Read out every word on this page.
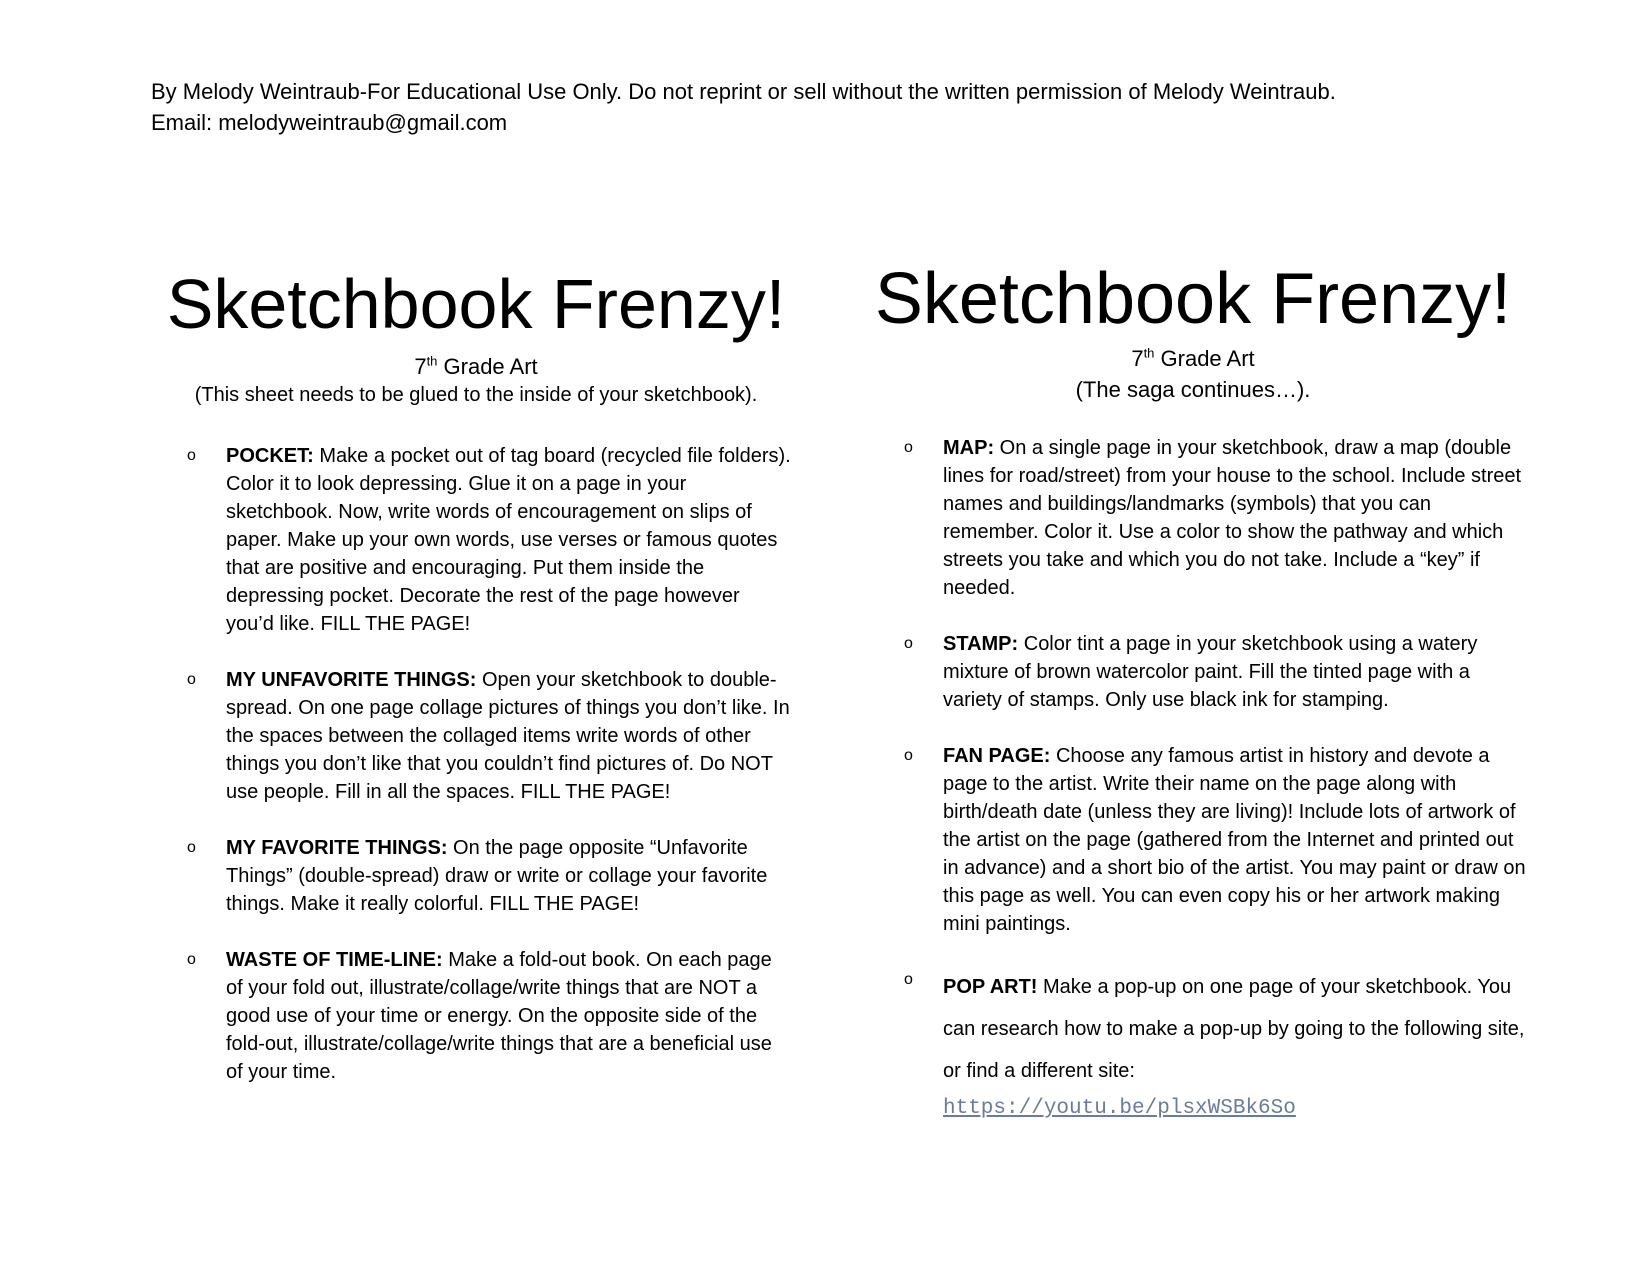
By Melody Weintraub-For Educational Use Only. Do not reprint or sell without the written permission of Melody Weintraub.
Email: melodyweintraub@gmail.com
Sketchbook Frenzy!
7th Grade Art
(This sheet needs to be glued to the inside of your sketchbook).
o POCKET: Make a pocket out of tag board (recycled file folders). Color it to look depressing. Glue it on a page in your sketchbook. Now, write words of encouragement on slips of paper. Make up your own words, use verses or famous quotes that are positive and encouraging. Put them inside the depressing pocket. Decorate the rest of the page however you’d like. FILL THE PAGE!
o MY UNFAVORITE THINGS: Open your sketchbook to double-spread. On one page collage pictures of things you don’t like. In the spaces between the collaged items write words of other things you don’t like that you couldn’t find pictures of. Do NOT use people. Fill in all the spaces. FILL THE PAGE!
o MY FAVORITE THINGS: On the page opposite “Unfavorite Things” (double-spread) draw or write or collage your favorite things. Make it really colorful. FILL THE PAGE!
o WASTE OF TIME-LINE: Make a fold-out book. On each page of your fold out, illustrate/collage/write things that are NOT a good use of your time or energy. On the opposite side of the fold-out, illustrate/collage/write things that are a beneficial use of your time.
Sketchbook Frenzy!
7th Grade Art
(The saga continues…).
o MAP: On a single page in your sketchbook, draw a map (double lines for road/street) from your house to the school. Include street names and buildings/landmarks (symbols) that you can remember. Color it. Use a color to show the pathway and which streets you take and which you do not take. Include a “key” if needed.
o STAMP: Color tint a page in your sketchbook using a watery mixture of brown watercolor paint. Fill the tinted page with a variety of stamps. Only use black ink for stamping.
o FAN PAGE: Choose any famous artist in history and devote a page to the artist. Write their name on the page along with birth/death date (unless they are living)! Include lots of artwork of the artist on the page (gathered from the Internet and printed out in advance) and a short bio of the artist. You may paint or draw on this page as well. You can even copy his or her artwork making mini paintings.
o POP ART! Make a pop-up on one page of your sketchbook. You can research how to make a pop-up by going to the following site, or find a different site:
https://youtu.be/plsxWSBk6So
